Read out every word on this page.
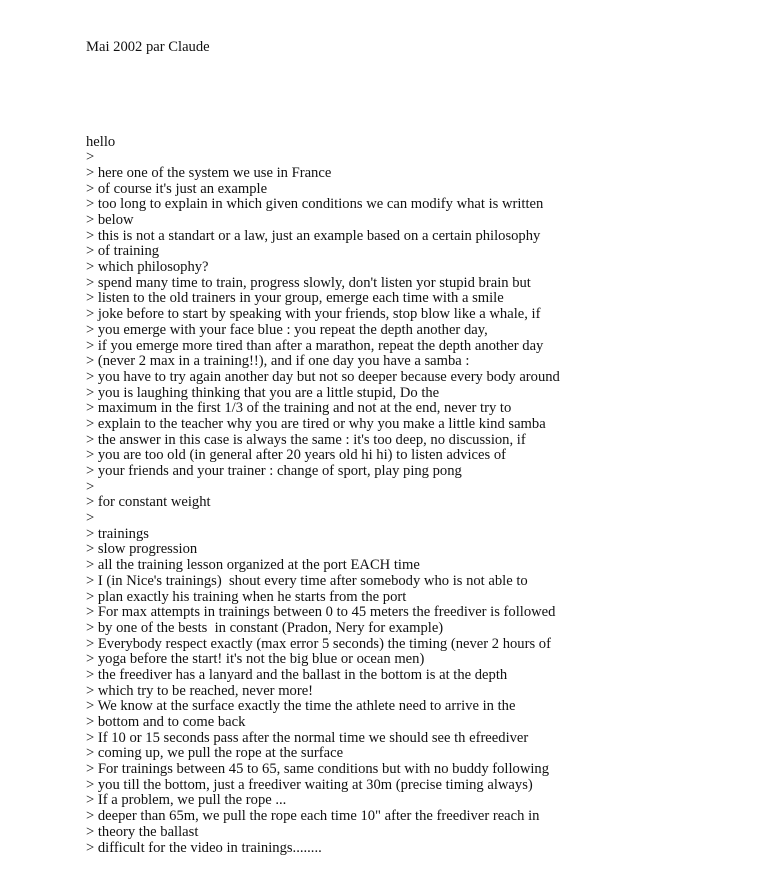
Mai 2002 par Claude

hello
>
> here one of the system we use in France
> of course it's just an example
> too long to explain in which given conditions we can modify what is written
> below
> this is not a standart or a law, just an example based on a certain philosophy
> of training
> which philosophy?
> spend many time to train, progress slowly, don't listen yor stupid brain but
> listen to the old trainers in your group, emerge each time with a smile
> joke before to start by speaking with your friends, stop blow like a whale, if
> you emerge with your face blue : you repeat the depth another day,
> if you emerge more tired than after a marathon, repeat the depth another day
> (never 2 max in a training!!), and if one day you have a samba :
> you have to try again another day but not so deeper because every body around
> you is laughing thinking that you are a little stupid, Do the
> maximum in the first 1/3 of the training and not at the end, never try to
> explain to the teacher why you are tired or why you make a little kind samba
> the answer in this case is always the same : it's too deep, no discussion, if
> you are too old (in general after 20 years old hi hi) to listen advices of
> your friends and your trainer : change of sport, play ping pong
>
> for constant weight
>
> trainings
> slow progression
> all the training lesson organized at the port EACH time
> I (in Nice's trainings)  shout every time after somebody who is not able to
> plan exactly his training when he starts from the port
> For max attempts in trainings between 0 to 45 meters the freediver is followed
> by one of the bests  in constant (Pradon, Nery for example)
> Everybody respect exactly (max error 5 seconds) the timing (never 2 hours of
> yoga before the start! it's not the big blue or ocean men)
> the freediver has a lanyard and the ballast in the bottom is at the depth
> which try to be reached, never more!
> We know at the surface exactly the time the athlete need to arrive in the
> bottom and to come back
> If 10 or 15 seconds pass after the normal time we should see th efreediver
> coming up, we pull the rope at the surface
> For trainings between 45 to 65, same conditions but with no buddy following
> you till the bottom, just a freediver waiting at 30m (precise timing always)
> If a problem, we pull the rope ...
> deeper than 65m, we pull the rope each time 10" after the freediver reach in
> theory the ballast
> difficult for the video in trainings........
